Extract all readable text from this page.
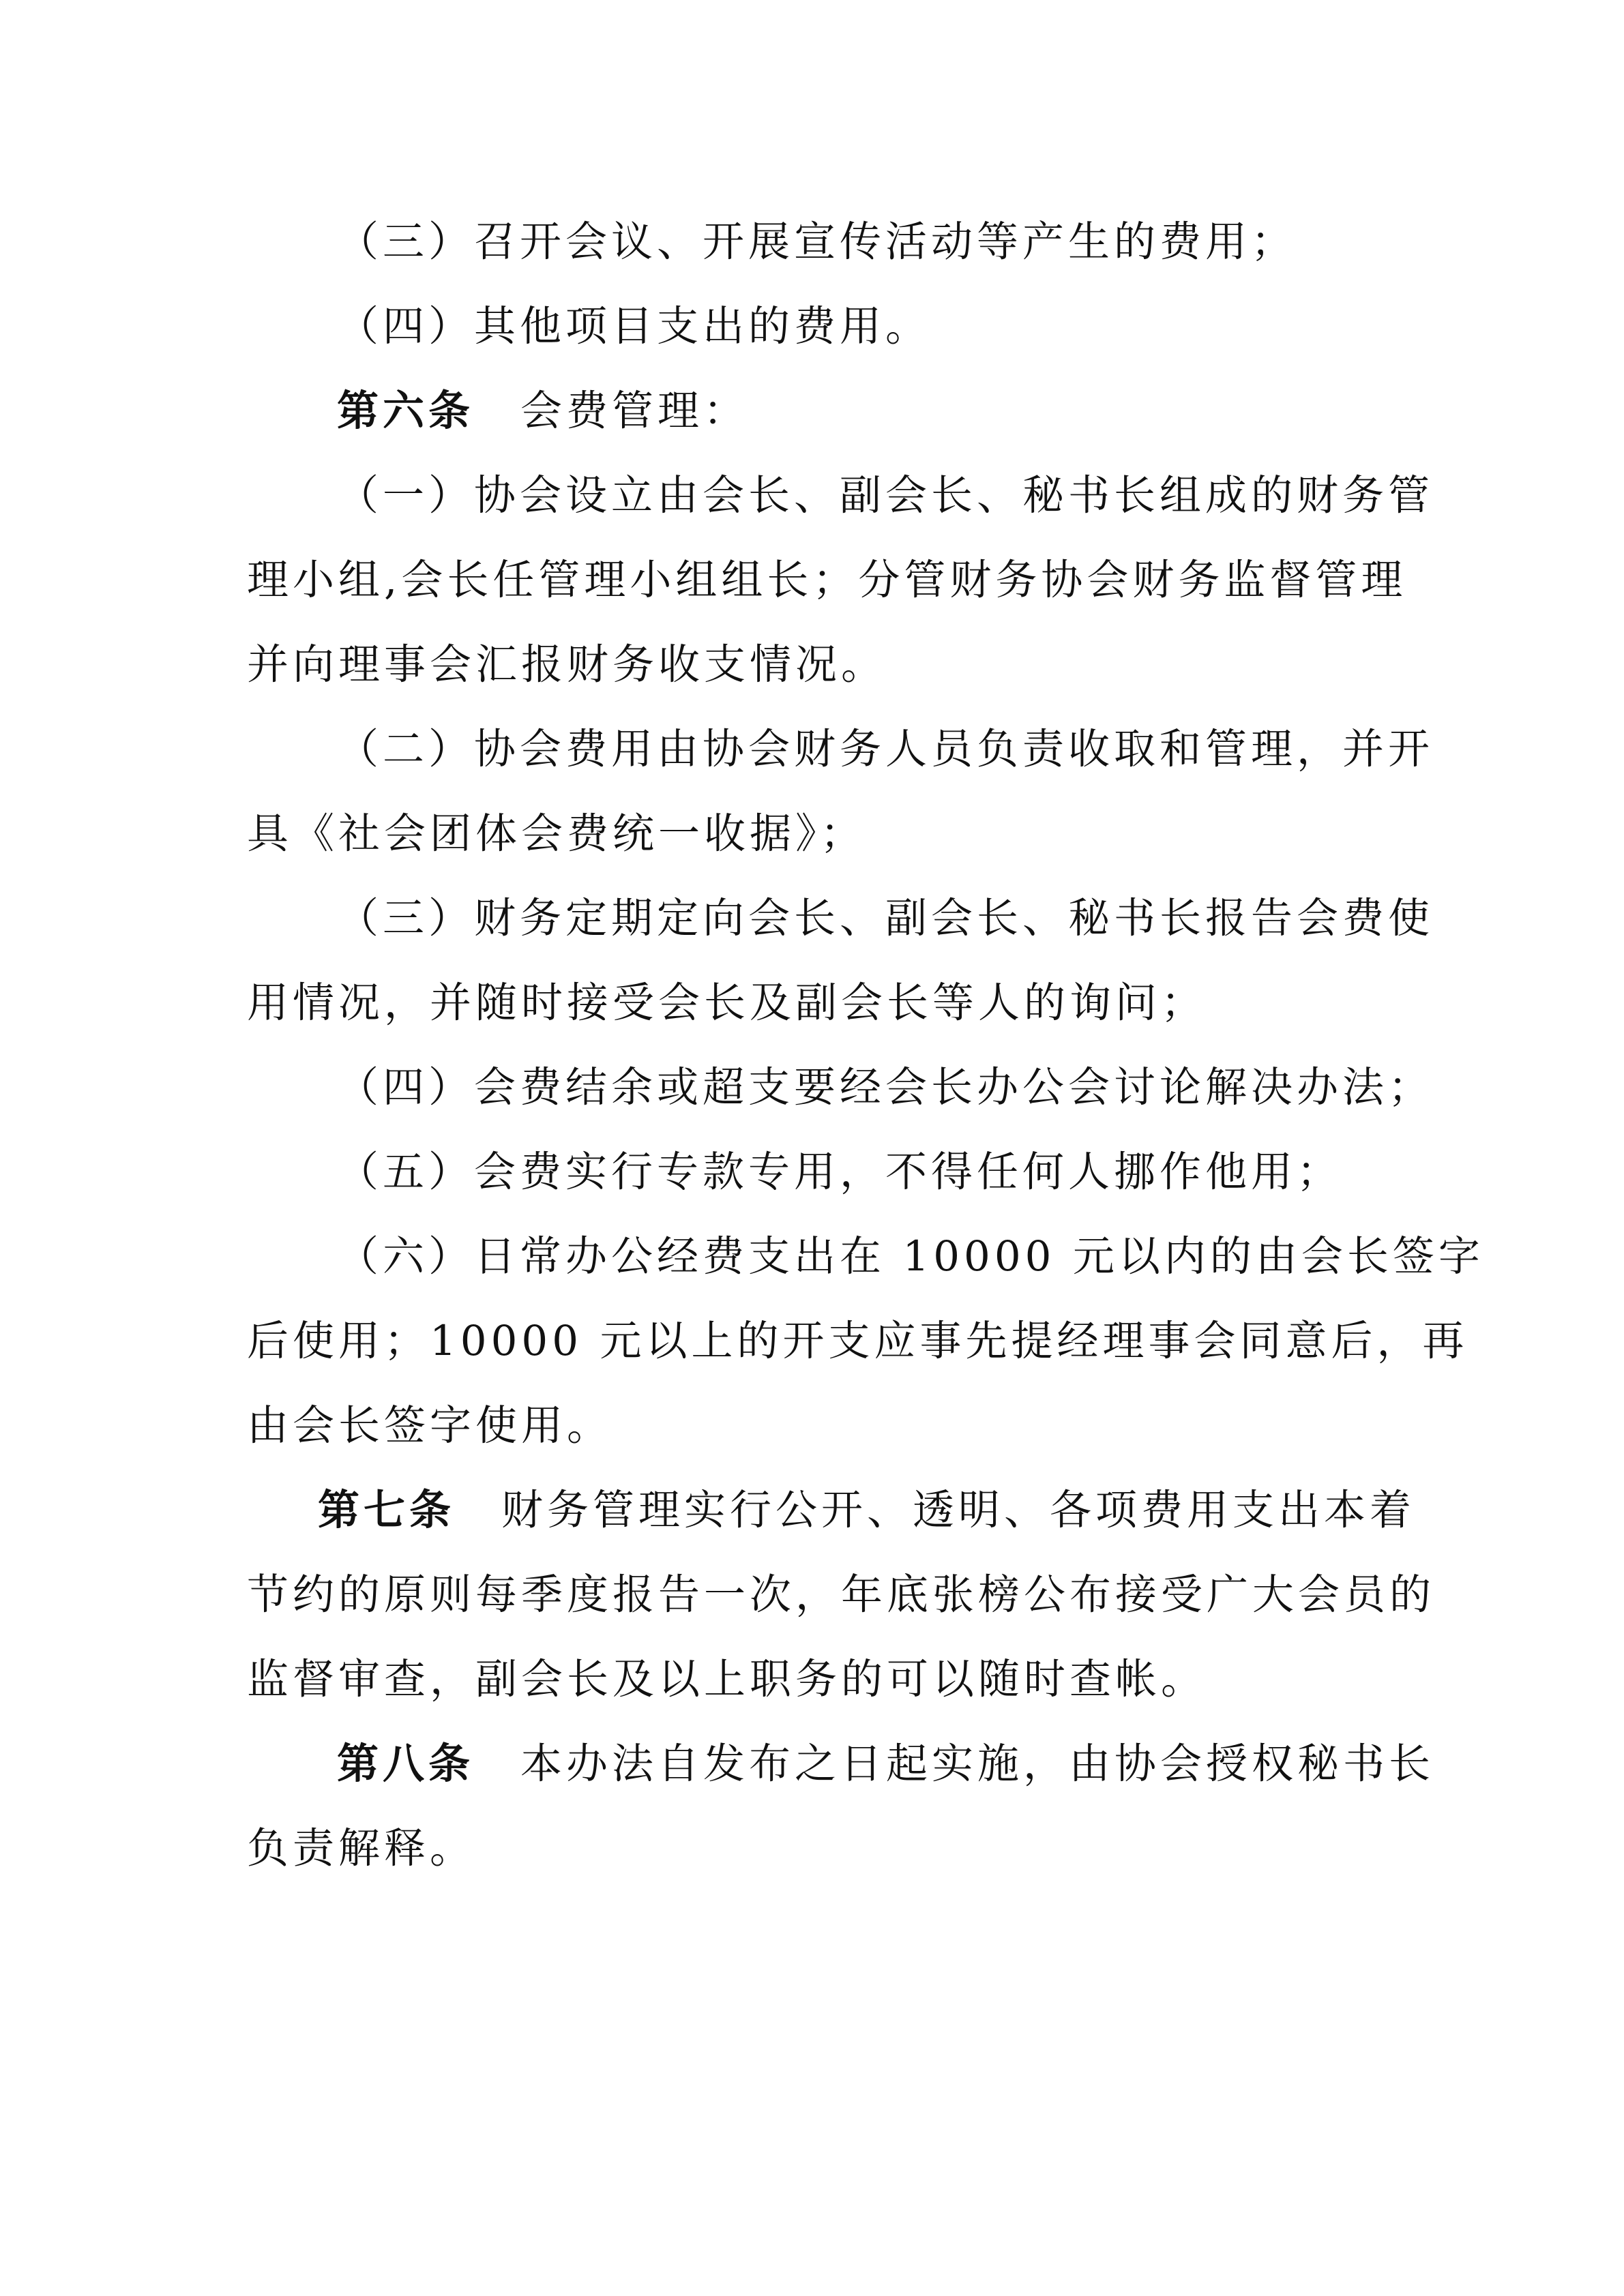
（三）召开会议、开展宣传活动等产生的费用；
（四）其他项目支出的费用。
第六条 会费管理：
（一）协会设立由会长、副会长、秘书长组成的财务管
理小组,会长任管理小组组长；分管财务协会财务监督管理
并向理事会汇报财务收支情况。
（二）协会费用由协会财务人员负责收取和管理，并开
具《社会团体会费统一收据》；
（三）财务定期定向会长、副会长、秘书长报告会费使
用情况，并随时接受会长及副会长等人的询问；
（四）会费结余或超支要经会长办公会讨论解决办法；
（五）会费实行专款专用，不得任何人挪作他用；
（六）日常办公经费支出在 10000 元以内的由会长签字
后使用；10000 元以上的开支应事先提经理事会同意后，再
由会长签字使用。
第七条 财务管理实行公开、透明、各项费用支出本着
节约的原则每季度报告一次，年底张榜公布接受广大会员的
监督审查，副会长及以上职务的可以随时查帐。
第八条 本办法自发布之日起实施，由协会授权秘书长
负责解释。
